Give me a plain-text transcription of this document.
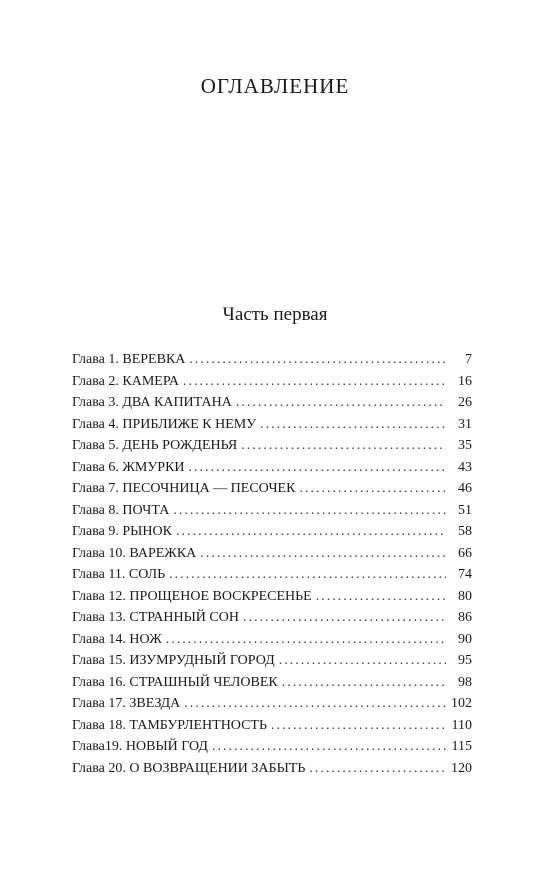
ОГЛАВЛЕНИЕ
Часть первая
Глава 1. ВЕРЕВКА .....	7
Глава 2. КАМЕРА .....	16
Глава 3. ДВА КАПИТАНА .....	26
Глава 4. ПРИБЛИЖЕ К НЕМУ .....	31
Глава 5. ДЕНЬ РОЖДЕНЬЯ .....	35
Глава 6. ЖМУРКИ .....	43
Глава 7. ПЕСОЧНИЦА — ПЕСОЧЕК .....	46
Глава 8. ПОЧТА .....	51
Глава 9. РЫНОК .....	58
Глава 10. ВАРЕЖКА .....	66
Глава 11. СОЛЬ .....	74
Глава 12. ПРОЩЕНОЕ ВОСКРЕСЕНЬЕ .....	80
Глава 13. СТРАННЫЙ СОН .....	86
Глава 14. НОЖ .....	90
Глава 15. ИЗУМРУДНЫЙ ГОРОД .....	95
Глава 16. СТРАШНЫЙ ЧЕЛОВЕК .....	98
Глава 17. ЗВЕЗДА .....	102
Глава 18. ТАМБУРЛЕНТНОСТЬ .....	110
Глава19. НОВЫЙ ГОД .....	115
Глава 20. О ВОЗВРАЩЕНИИ ЗАБЫТЬ .....	120
